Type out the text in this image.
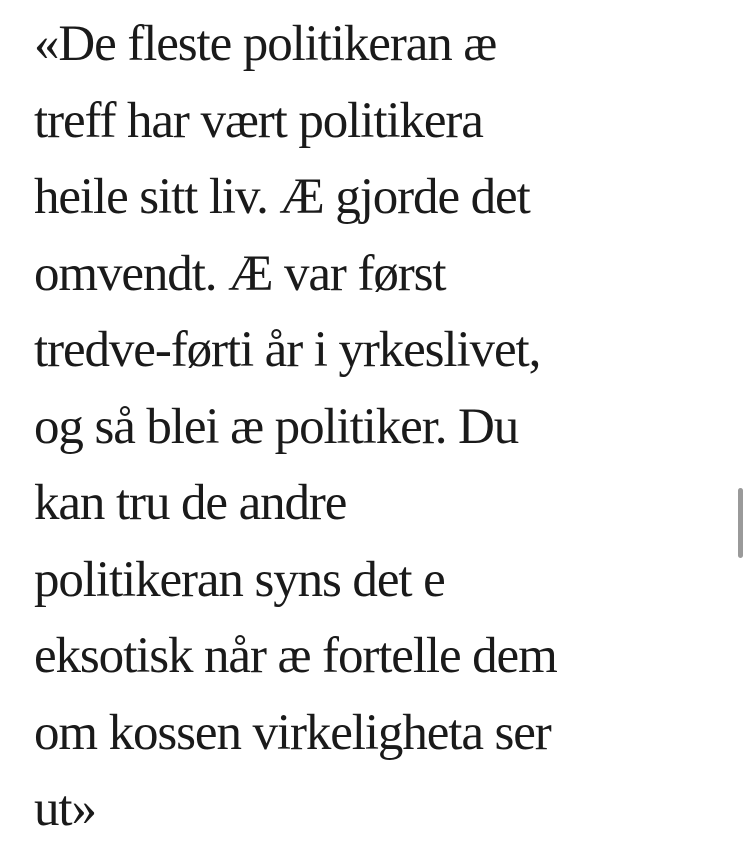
«De fleste politikeran æ
treff har vært politikera
heile sitt liv. Æ gjorde det
omvendt. Æ var først
tredve-førti år i yrkeslivet,
og så blei æ politiker. Du
kan tru de andre
politikeran syns det e
eksotisk når æ fortelle dem
om kossen virkeligheta ser
ut»
